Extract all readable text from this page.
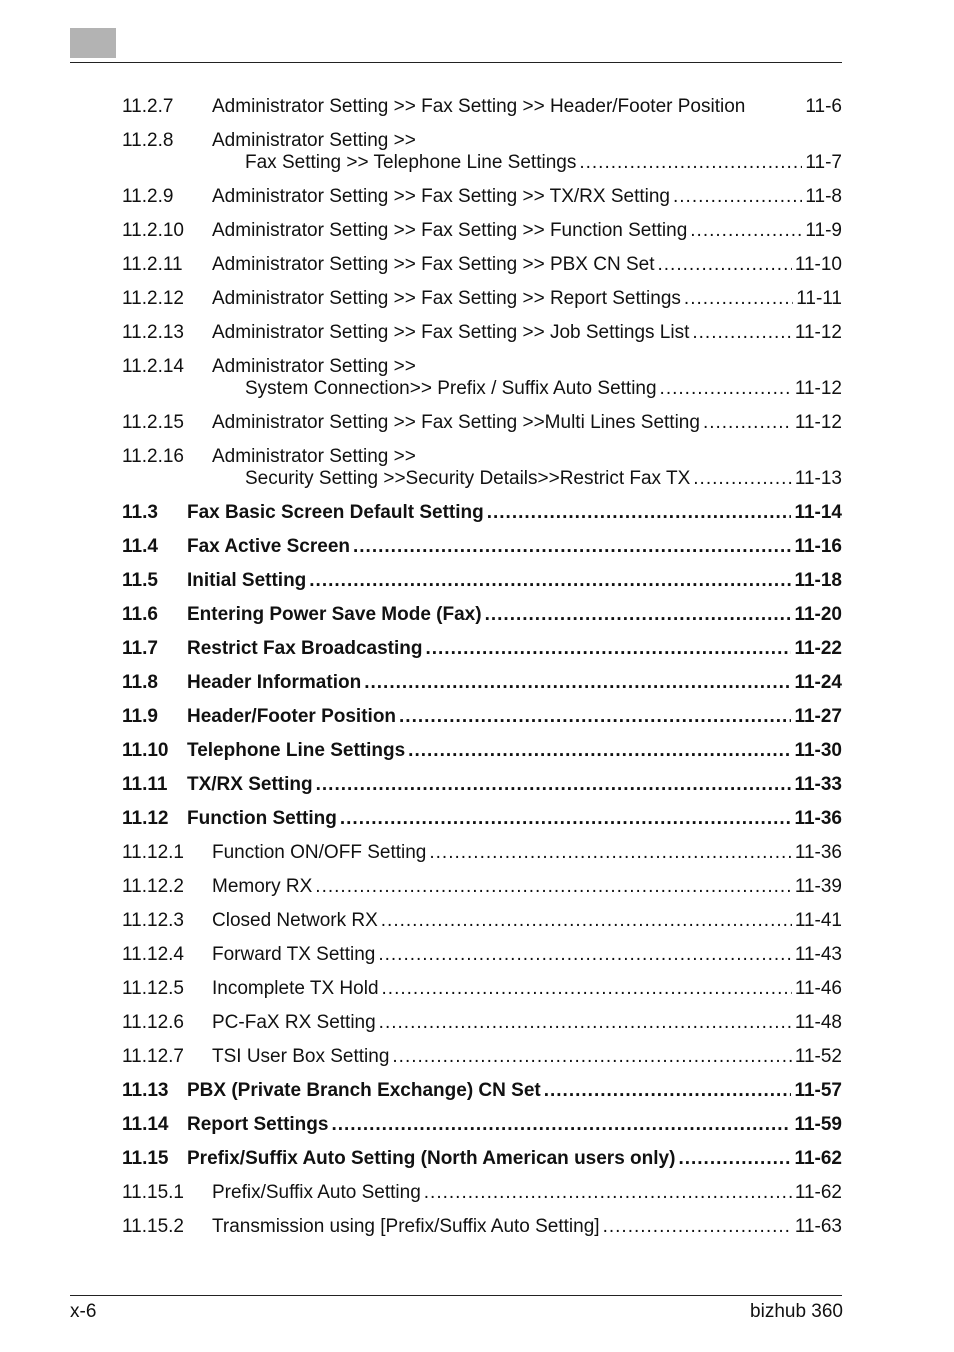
11.2.7 Administrator Setting >> Fax Setting >> Header/Footer Position	11-6
11.2.8 Administrator Setting >>
Fax Setting >> Telephone Line Settings .....	11-7
11.2.9 Administrator Setting >> Fax Setting >> TX/RX Setting .....	11-8
11.2.10 Administrator Setting >> Fax Setting >> Function Setting .....	11-9
11.2.11 Administrator Setting >> Fax Setting >> PBX CN Set .....	11-10
11.2.12 Administrator Setting >> Fax Setting >> Report Settings .....	11-11
11.2.13 Administrator Setting >> Fax Setting >> Job Settings List .....	11-12
11.2.14 Administrator Setting >>
System Connection>> Prefix / Suffix Auto Setting .....	11-12
11.2.15 Administrator Setting >> Fax Setting >>Multi Lines Setting .....	11-12
11.2.16 Administrator Setting >>
Security Setting >>Security Details>>Restrict Fax TX .....	11-13
11.3 Fax Basic Screen Default Setting .....	11-14
11.4 Fax Active Screen .....	11-16
11.5 Initial Setting .....	11-18
11.6 Entering Power Save Mode (Fax) .....	11-20
11.7 Restrict Fax Broadcasting .....	11-22
11.8 Header Information .....	11-24
11.9 Header/Footer Position .....	11-27
11.10 Telephone Line Settings .....	11-30
11.11 TX/RX Setting .....	11-33
11.12 Function Setting .....	11-36
11.12.1 Function ON/OFF Setting .....	11-36
11.12.2 Memory RX .....	11-39
11.12.3 Closed Network RX .....	11-41
11.12.4 Forward TX Setting .....	11-43
11.12.5 Incomplete TX Hold .....	11-46
11.12.6 PC-FaX RX Setting .....	11-48
11.12.7 TSI User Box Setting .....	11-52
11.13 PBX (Private Branch Exchange) CN Set .....	11-57
11.14 Report Settings .....	11-59
11.15 Prefix/Suffix Auto Setting (North American users only) .....	11-62
11.15.1 Prefix/Suffix Auto Setting .....	11-62
11.15.2 Transmission using [Prefix/Suffix Auto Setting] .....	11-63
x-6	bizhub 360
